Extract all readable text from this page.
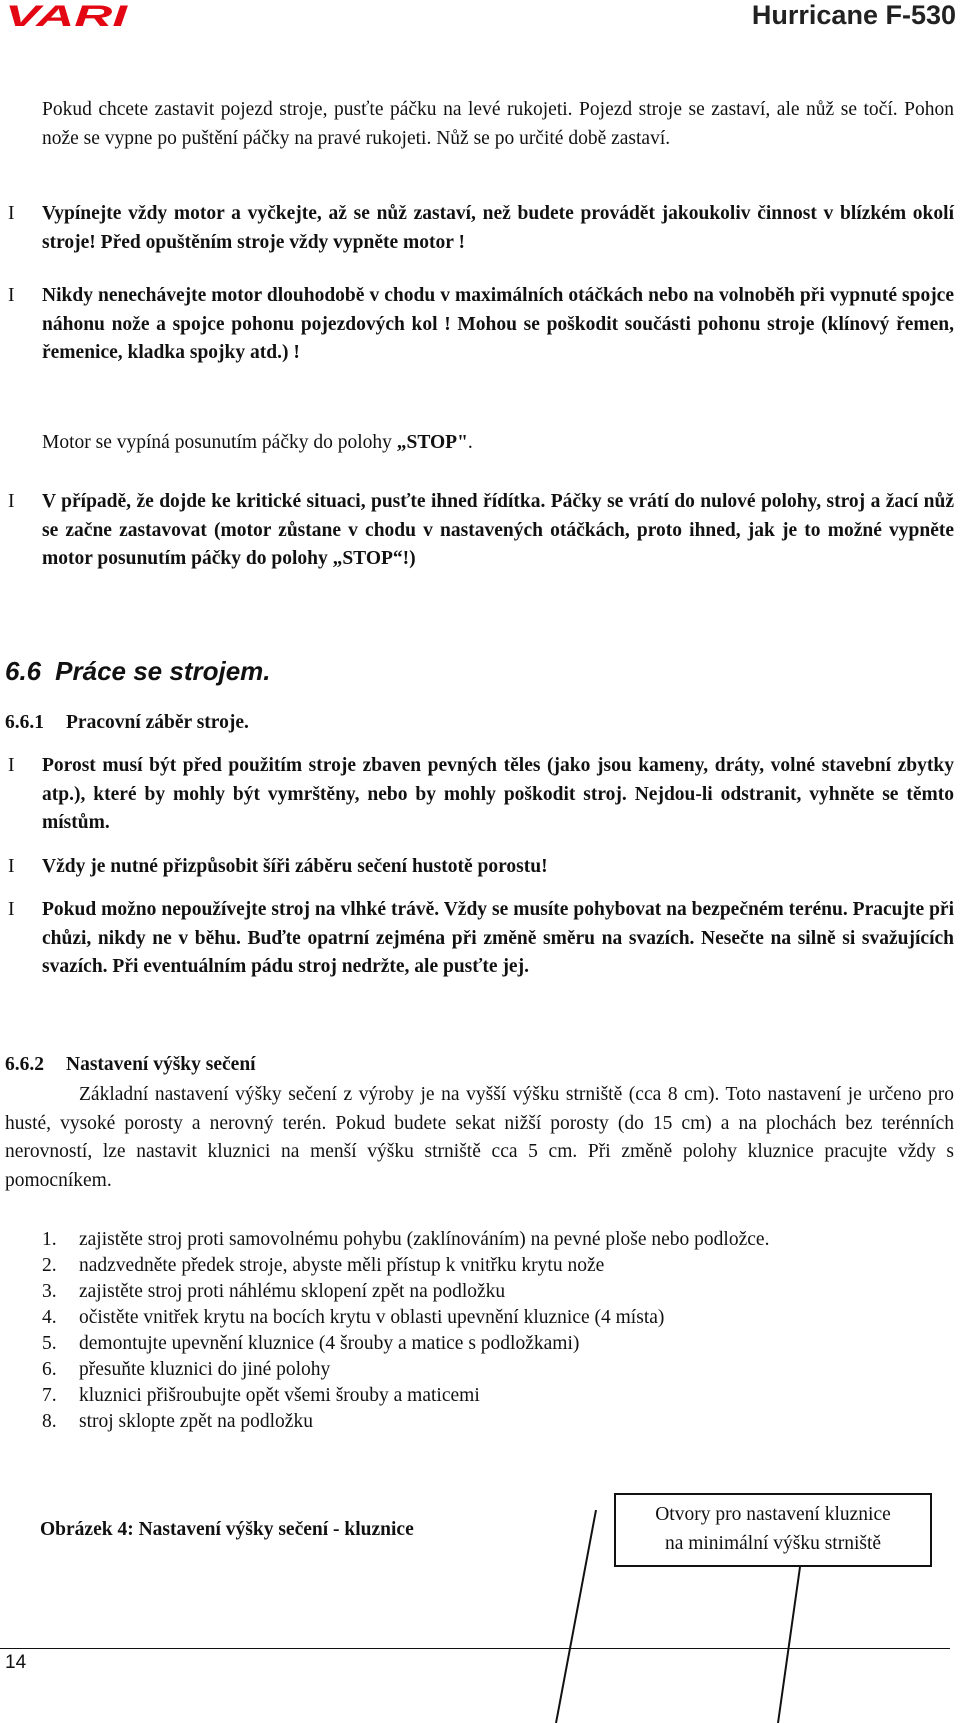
VARI	Hurricane F-530
Pokud chcete zastavit pojezd stroje, pusťte páčku na levé rukojeti. Pojezd stroje se zastaví, ale nůž se točí. Pohon nože se vypne po puštění páčky na pravé rukojeti. Nůž se po určité době zastaví.
I Vypínejte vždy motor a vyčkejte, až se nůž zastaví, než budete provádět jakoukoliv činnost v blízkém okolí stroje! Před opuštěním stroje vždy vypněte motor !
I Nikdy nenechávejte motor dlouhodobě v chodu v maximálních otáčkách nebo na volnoběh při vypnuté spojce náhonu nože a spojce pohonu pojezdových kol ! Mohou se poškodit součásti pohonu stroje (klínový řemen, řemenice, kladka spojky atd.) !
Motor se vypíná posunutím páčky do polohy „STOP".
I V případě, že dojde ke kritické situaci, pusťte ihned řídítka. Páčky se vrátí do nulové polohy, stroj a žací nůž se začne zastavovat (motor zůstane v chodu v nastavených otáčkách, proto ihned, jak je to možné vypněte motor posunutím páčky do polohy „STOP“!)
6.6 Práce se strojem.
6.6.1 Pracovní záběr stroje.
I Porost musí být před použitím stroje zbaven pevných těles (jako jsou kameny, dráty, volné stavební zbytky atp.), které by mohly být vymrštěny, nebo by mohly poškodit stroj. Nejdou-li odstranit, vyhněte se těmto místům.
I Vždy je nutné přizpůsobit šíři záběru sečení hustotě porostu!
I Pokud možno nepoužívejte stroj na vlhké trávě. Vždy se musíte pohybovat na bezpečném terénu. Pracujte při chůzi, nikdy ne v běhu. Buďte opatrní zejména při změně směru na svazích. Nesečte na silně si svažujících svazích. Při eventuálním pádu stroj nedržte, ale pusťte jej.
6.6.2 Nastavení výšky sečení
Základní nastavení výšky sečení z výroby je na vyšší výšku strniště (cca 8 cm). Toto nastavení je určeno pro husté, vysoké porosty a nerovný terén. Pokud budete sekat nižší porosty (do 15 cm) a na plochách bez terénních nerovností, lze nastavit kluznici na menší výšku strniště cca 5 cm. Při změně polohy kluznice pracujte vždy s pomocníkem.
1. zajistěte stroj proti samovolnému pohybu (zaklínováním) na pevné ploše nebo podložce.
2. nadzvedněte předek stroje, abyste měli přístup k vnitřku krytu nože
3. zajistěte stroj proti náhlému sklopení zpět na podložku
4. očistěte vnitřek krytu na bocích krytu v oblasti upevnění kluznice (4 místa)
5. demontujte upevnění kluznice (4 šrouby a matice s podložkami)
6. přesuňte kluznici do jiné polohy
7. kluznici přišroubujte opět všemi šrouby a maticemi
8. stroj sklopte zpět na podložku
Obrázek 4: Nastavení výšky sečení - kluznice
Otvory pro nastavení kluznice
na minimální výšku strniště
14
